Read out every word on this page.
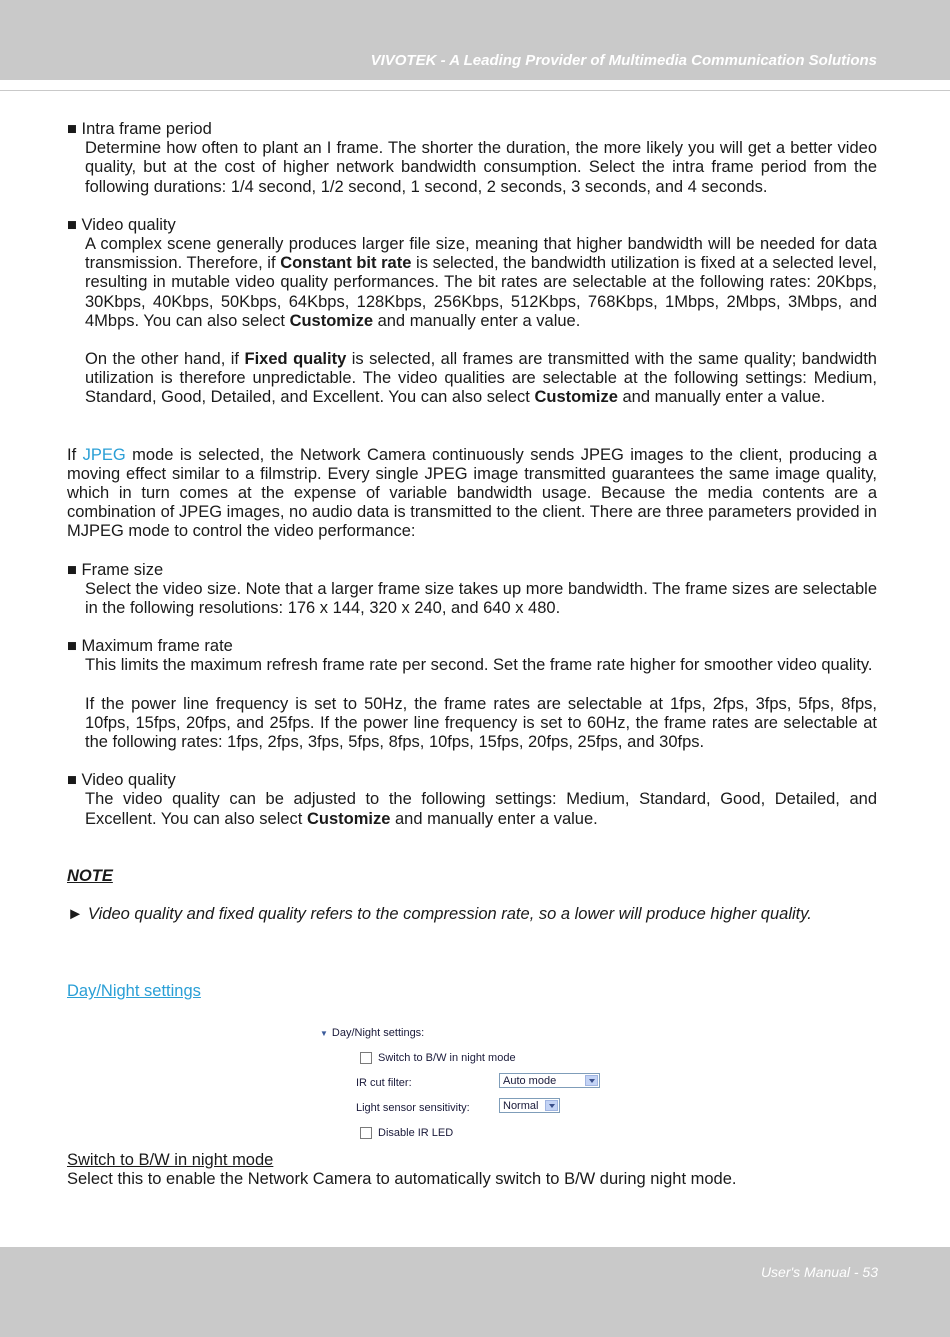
VIVOTEK - A Leading Provider of Multimedia Communication Solutions

■ Intra frame period

Determine how often to plant an I frame. The shorter the duration, the more likely you will get a better video quality, but at the cost of higher network bandwidth consumption. Select the intra frame period from the following durations: 1/4 second, 1/2 second, 1 second, 2 seconds, 3 seconds, and 4 seconds.

■ Video quality

A complex scene generally produces larger file size, meaning that higher bandwidth will be needed for data transmission. Therefore, if Constant bit rate is selected, the bandwidth utilization is fixed at a selected level, resulting in mutable video quality performances. The bit rates are selectable at the following rates: 20Kbps, 30Kbps, 40Kbps, 50Kbps, 64Kbps, 128Kbps, 256Kbps, 512Kbps, 768Kbps, 1Mbps, 2Mbps, 3Mbps, and 4Mbps. You can also select Customize and manually enter a value.

On the other hand, if Fixed quality is selected, all frames are transmitted with the same quality; bandwidth utilization is therefore unpredictable. The video qualities are selectable at the following settings: Medium, Standard, Good, Detailed, and Excellent. You can also select Customize and manually enter a value.

If JPEG mode is selected, the Network Camera continuously sends JPEG images to the client, producing a moving effect similar to a filmstrip. Every single JPEG image transmitted guarantees the same image quality, which in turn comes at the expense of variable bandwidth usage. Because the media contents are a combination of JPEG images, no audio data is transmitted to the client. There are three parameters provided in MJPEG mode to control the video performance:

■ Frame size

Select the video size. Note that a larger frame size takes up more bandwidth. The frame sizes are selectable in the following resolutions: 176 x 144, 320 x 240, and 640 x 480.

■ Maximum frame rate

This limits the maximum refresh frame rate per second. Set the frame rate higher for smoother video quality.

If the power line frequency is set to 50Hz, the frame rates are selectable at 1fps, 2fps, 3fps, 5fps, 8fps, 10fps, 15fps, 20fps, and 25fps. If the power line frequency is set to 60Hz, the frame rates are selectable at the following rates: 1fps, 2fps, 3fps, 5fps, 8fps, 10fps, 15fps, 20fps, 25fps, and 30fps.

■ Video quality

The video quality can be adjusted to the following settings: Medium, Standard, Good, Detailed, and Excellent. You can also select Customize and manually enter a value.

NOTE

► Video quality and fixed quality refers to the compression rate, so a lower will produce higher quality.

Day/Night settings

▼ Day/Night settings:
Switch to B/W in night mode
IR cut filter:	Auto mode
Light sensor sensitivity:	Normal
Disable IR LED

Switch to B/W in night mode

Select this to enable the Network Camera to automatically switch to B/W during night mode.

User's Manual - 53
